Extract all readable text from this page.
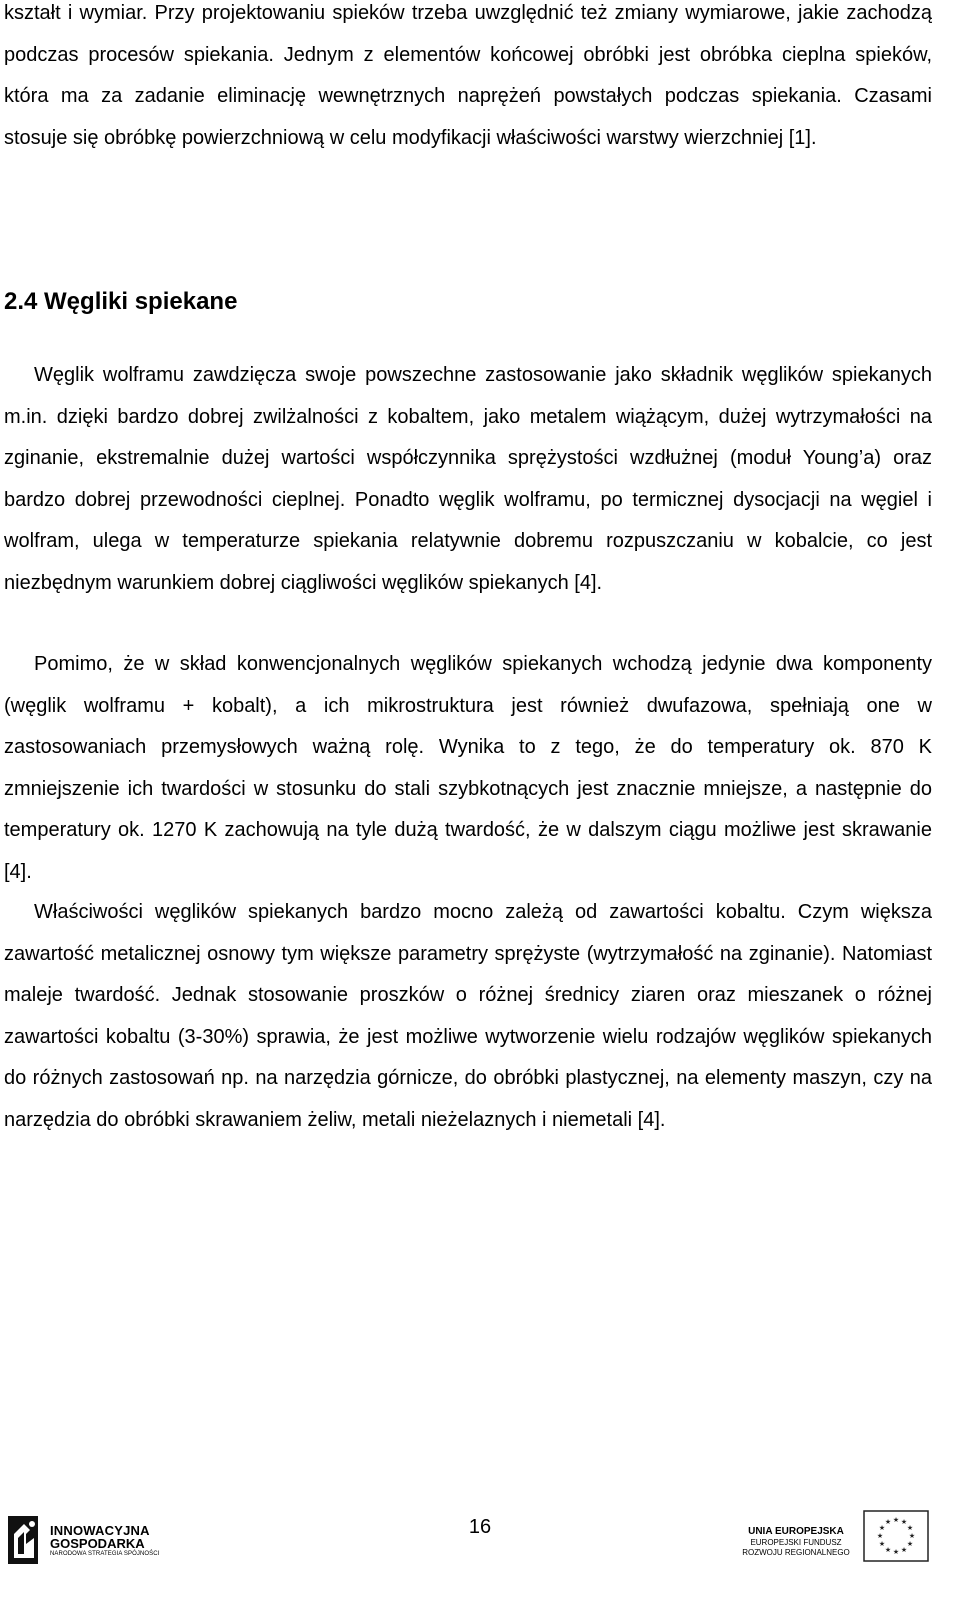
kształt i wymiar. Przy projektowaniu spieków trzeba uwzględnić też zmiany wymiarowe, jakie zachodzą podczas procesów spiekania. Jednym z elementów końcowej obróbki jest obróbka cieplna spieków, która ma za zadanie eliminację wewnętrznych naprężeń powstałych podczas spiekania. Czasami stosuje się obróbkę powierzchniową w celu modyfikacji właściwości warstwy wierzchniej [1].

2.4 Węgliki spiekane

Węglik wolframu zawdzięcza swoje powszechne zastosowanie jako składnik węglików spiekanych m.in. dzięki bardzo dobrej zwilżalności z kobaltem, jako metalem wiążącym, dużej wytrzymałości na zginanie, ekstremalnie dużej wartości współczynnika sprężystości wzdłużnej (moduł Young’a) oraz bardzo dobrej przewodności cieplnej. Ponadto węglik wolframu, po termicznej dysocjacji na węgiel i wolfram, ulega w temperaturze spiekania relatywnie dobremu rozpuszczaniu w kobalcie, co jest niezbędnym warunkiem dobrej ciągliwości węglików spiekanych [4].

Pomimo, że w skład konwencjonalnych węglików spiekanych wchodzą jedynie dwa komponenty (węglik wolframu + kobalt), a ich mikrostruktura jest również dwufazowa, spełniają one w zastosowaniach przemysłowych ważną rolę. Wynika to z tego, że do temperatury ok. 870 K zmniejszenie ich twardości w stosunku do stali szybkotnących jest znacznie mniejsze, a następnie do temperatury ok. 1270 K zachowują na tyle dużą twardość, że w dalszym ciągu możliwe jest skrawanie [4].

Właściwości węglików spiekanych bardzo mocno zależą od zawartości kobaltu. Czym większa zawartość metalicznej osnowy tym większe parametry sprężyste (wytrzymałość na zginanie). Natomiast maleje twardość. Jednak stosowanie proszków o różnej średnicy ziaren oraz mieszanek o różnej zawartości kobaltu (3-30%) sprawia, że jest możliwe wytworzenie wielu rodzajów węglików spiekanych do różnych zastosowań np. na narzędzia górnicze, do obróbki plastycznej, na elementy maszyn, czy na narzędzia do obróbki skrawaniem żeliw, metali nieżelaznych i niemetali [4].

16
INNOWACYJNA
GOSPODARKA
NARODOWA STRATEGIA SPÓJNOŚCI
UNIA EUROPEJSKA
EUROPEJSKI FUNDUSZ
ROZWOJU REGIONALNEGO
★ ★
★
★
★
★
★
★
★
★
★
★
